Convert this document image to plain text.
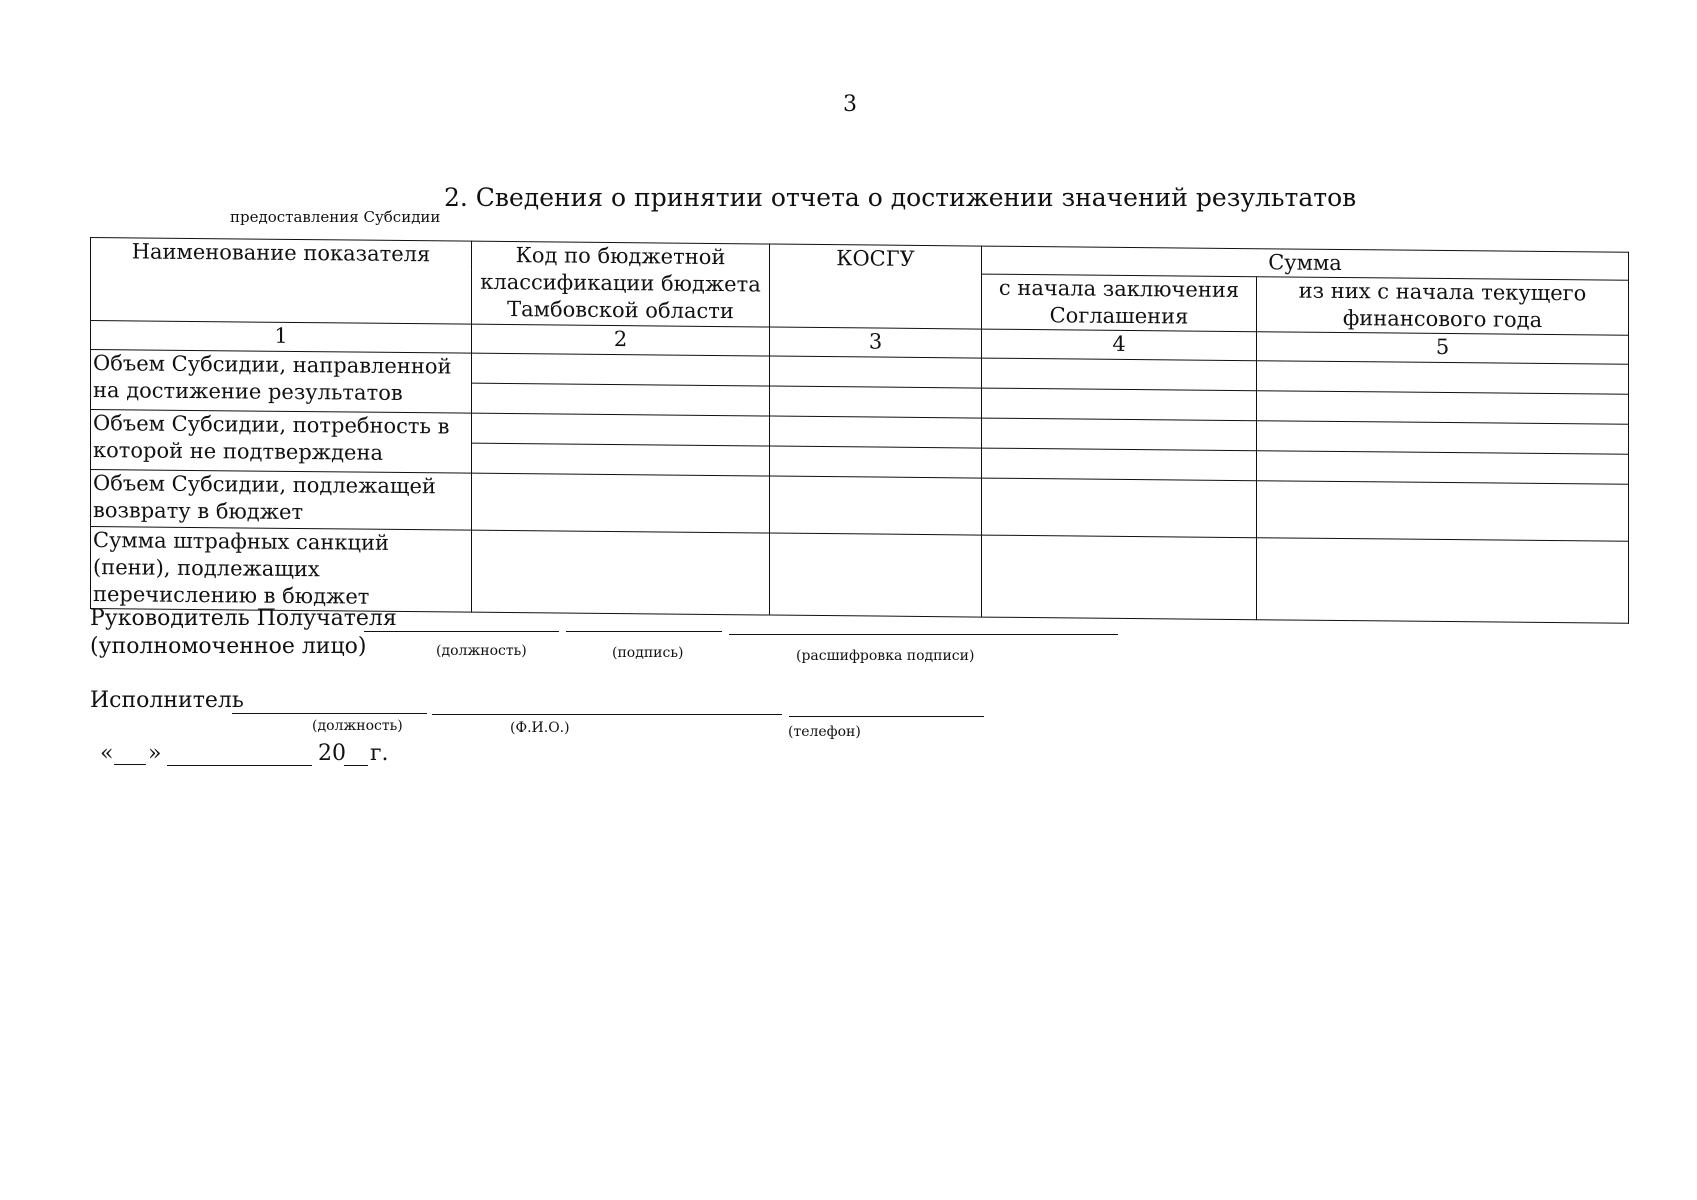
3
2. Сведения о принятии отчета о достижении значений результатов
предоставления Субсидии
Наименование показателя	Код по бюджетной классификации бюджета Тамбовской области	КОСГУ	Сумма	
			с начала заключения Соглашения	из них с начала текущего финансового года
1	2	3	4	5
Объем Субсидии, направленной на достижение результатов				

Объем Субсидии, потребность в которой не подтверждена				

Объем Субсидии, подлежащей возврату в бюджет				
Сумма штрафных санкций (пени), подлежащих перечислению в бюджет				
Руководитель Получателя
(уполномоченное лицо)	(должность)	(подпись)	(расшифровка подписи)
Исполнитель
(должность)	(Ф.И.О.)	(телефон)
« »	20 г.
